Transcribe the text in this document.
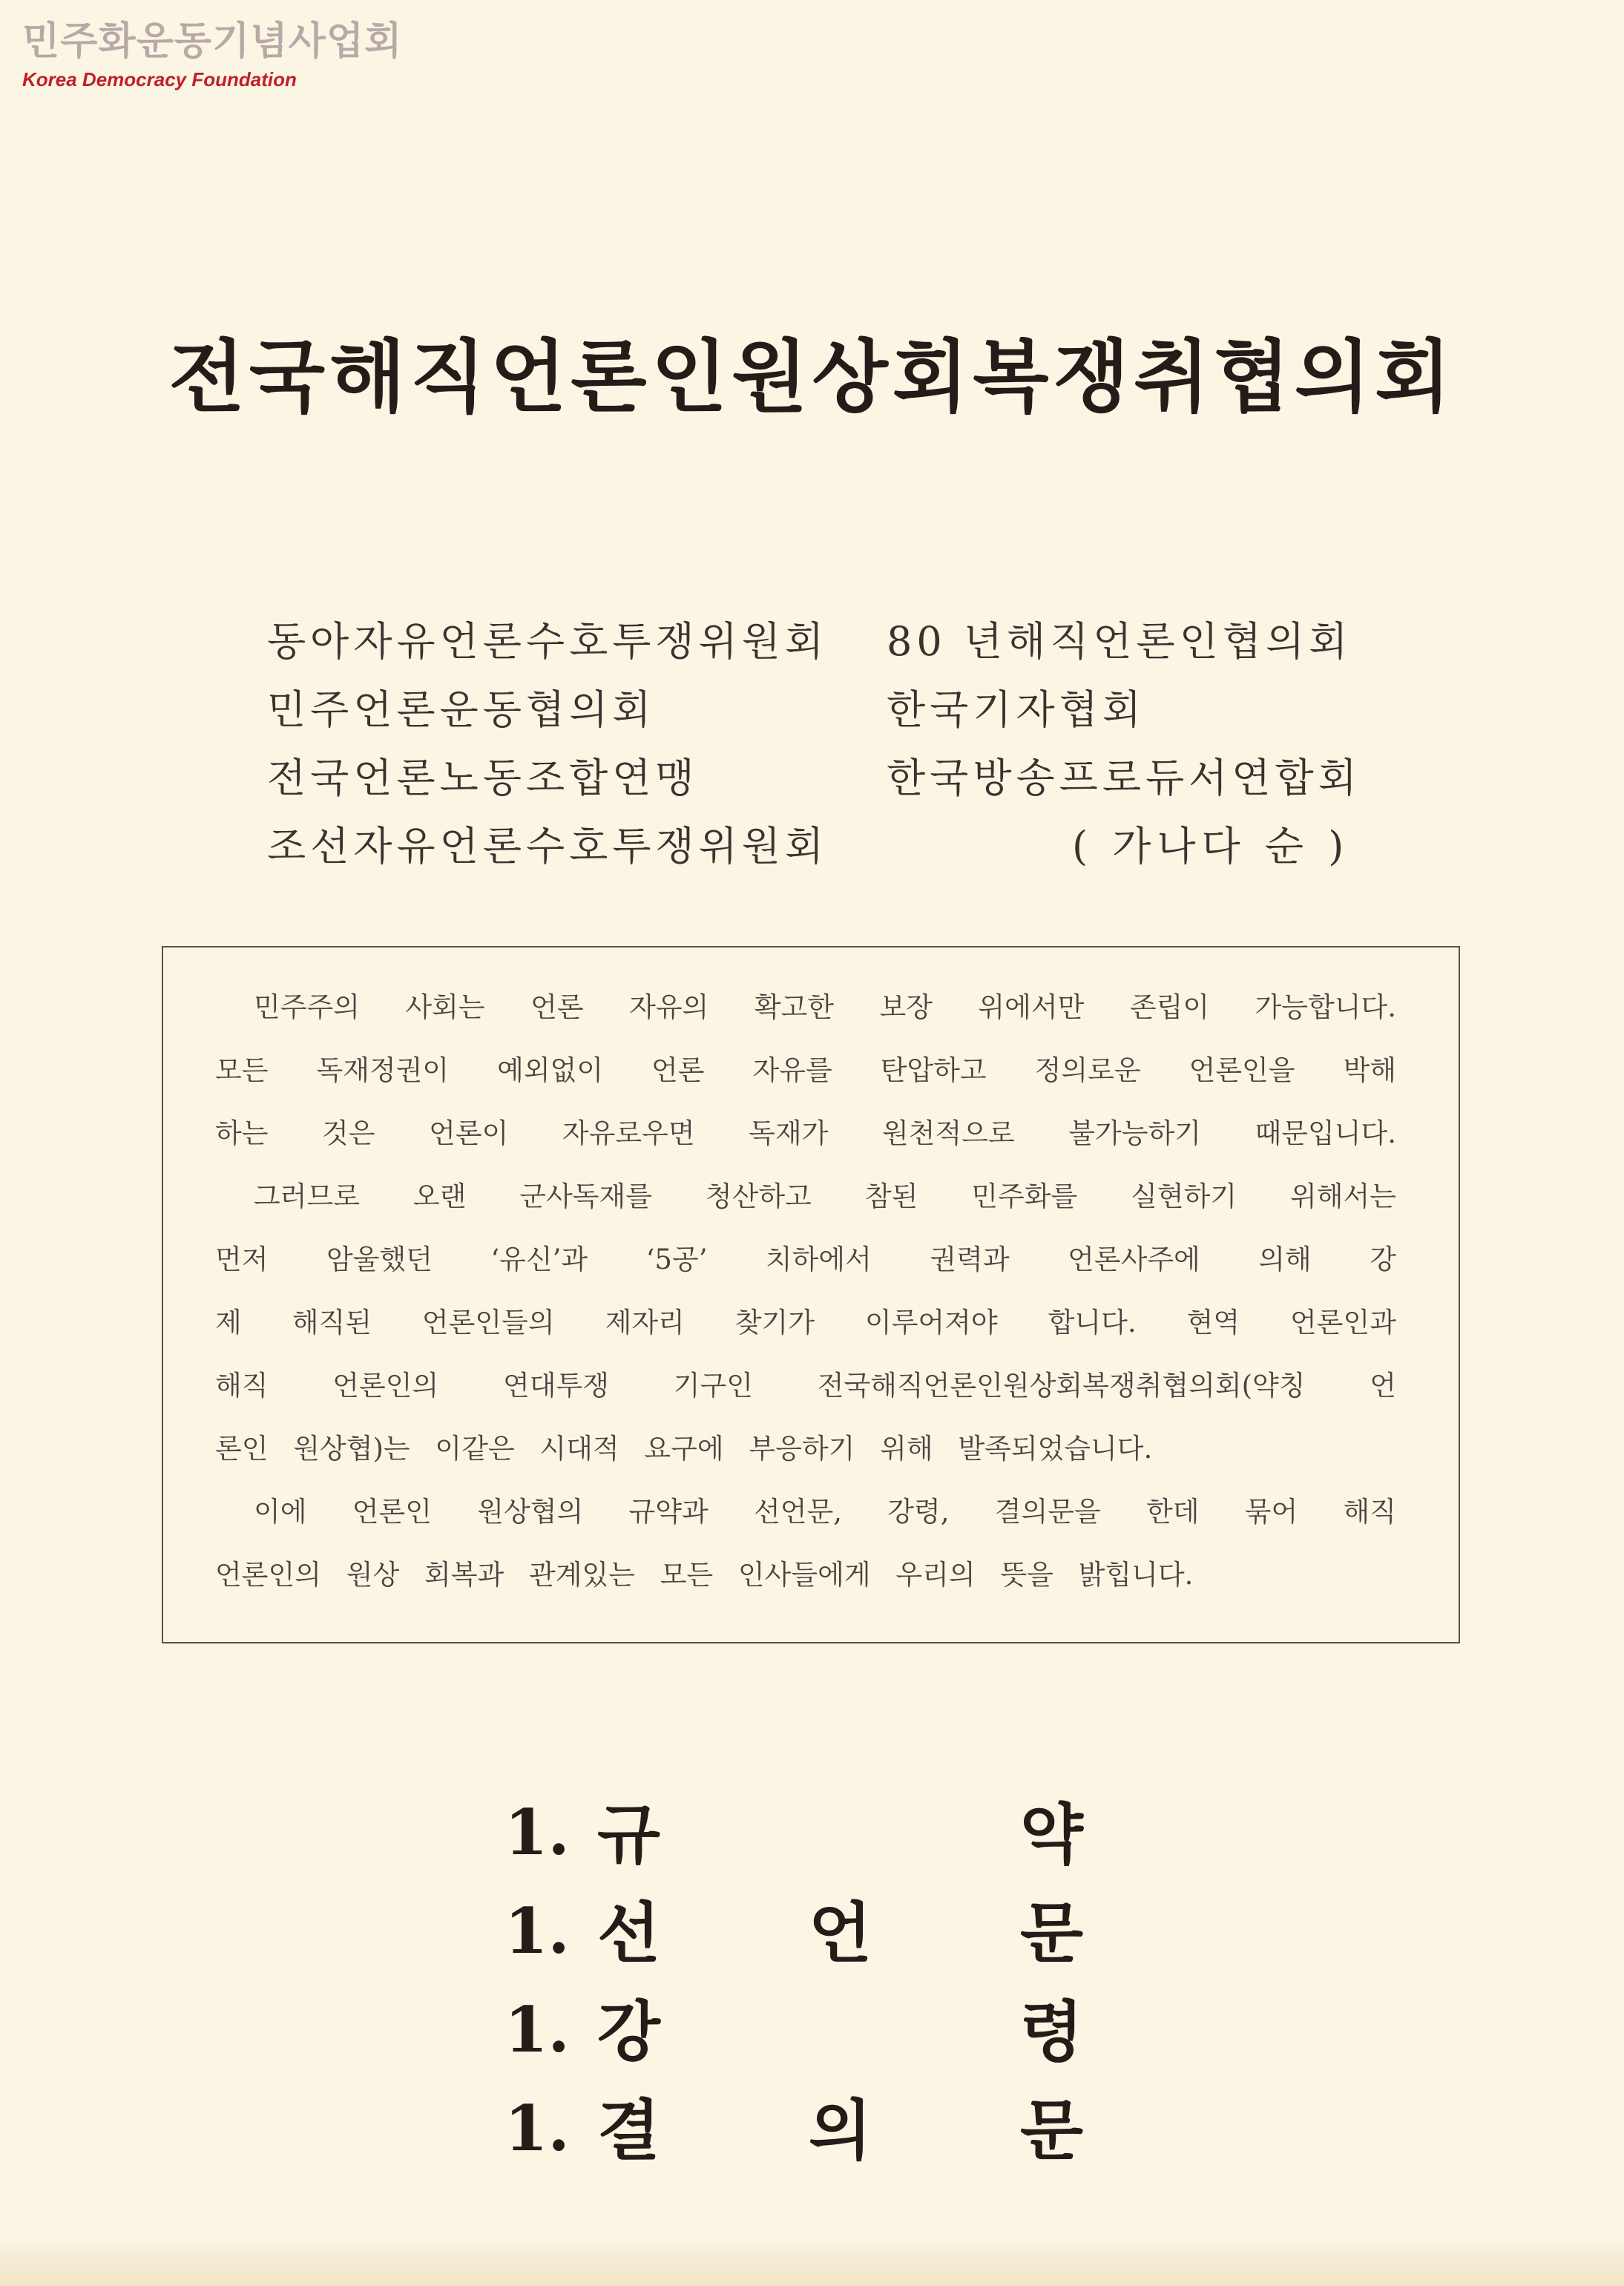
민주화운동기념사업회
Korea Democracy Foundation
전국해직언론인원상회복쟁취협의회
동아자유언론수호투쟁위원회
민주언론운동협의회
전국언론노동조합연맹
조선자유언론수호투쟁위원회
80 년해직언론인협의회
한국기자협회
한국방송프로듀서연합회
( 가나다 순 )
민주주의 사회는 언론 자유의 확고한 보장 위에서만 존립이 가능합니다.
모든 독재정권이 예외없이 언론 자유를 탄압하고 정의로운 언론인을 박해
하는 것은 언론이 자유로우면 독재가 원천적으로 불가능하기 때문입니다.
그러므로 오랜 군사독재를 청산하고 참된 민주화를 실현하기 위해서는
먼저 암울했던 ‘유신’과 ‘5공’ 치하에서 권력과 언론사주에 의해 강
제 해직된 언론인들의 제자리 찾기가 이루어져야 합니다. 현역 언론인과
해직 언론인의 연대투쟁 기구인 전국해직언론인원상회복쟁취협의회(약칭 언
론인 원상협)는 이같은 시대적 요구에 부응하기 위해 발족되었습니다.
이에 언론인 원상협의 규약과 선언문, 강령, 결의문을 한데 묶어 해직
언론인의 원상 회복과 관계있는 모든 인사들에게 우리의 뜻을 밝힙니다.
1. 규	약
1. 선 언 문
1. 강	령
1. 결 의 문
